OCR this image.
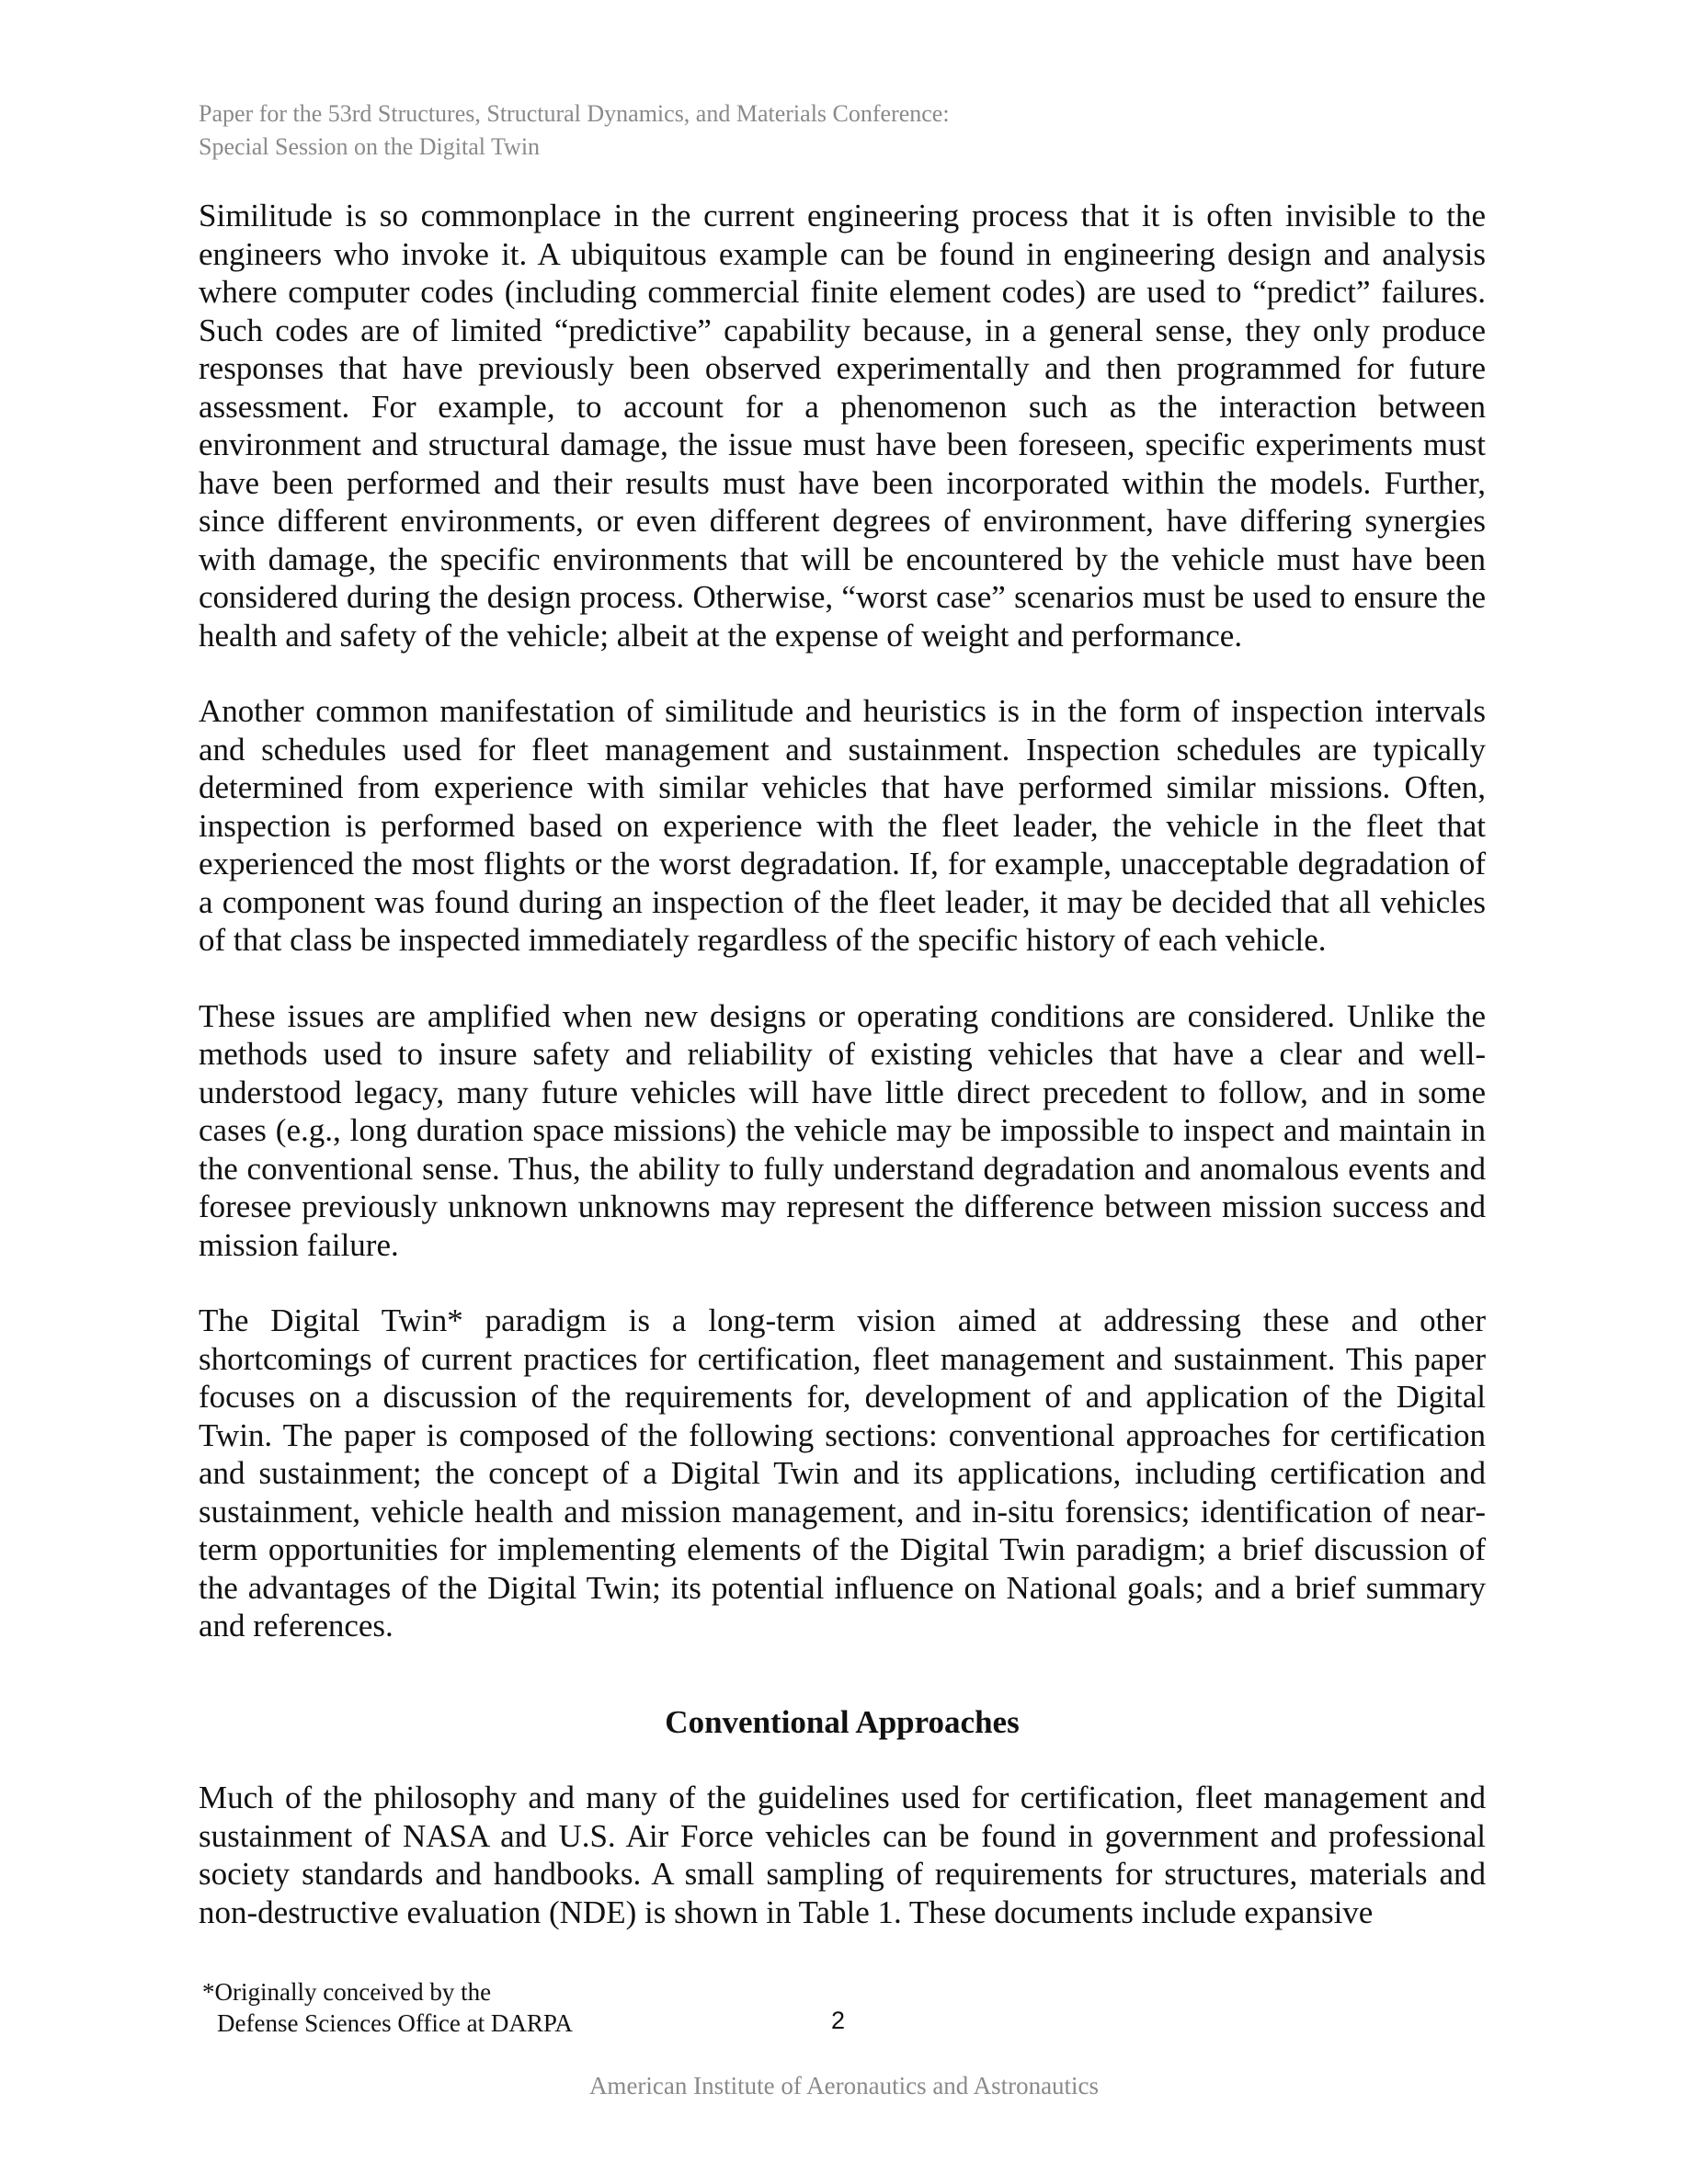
Paper for the 53rd Structures, Structural Dynamics, and Materials Conference:
Special Session on the Digital Twin

Similitude is so commonplace in the current engineering process that it is often invisible to the engineers who invoke it. A ubiquitous example can be found in engineering design and analysis where computer codes (including commercial finite element codes) are used to “predict” failures. Such codes are of limited “predictive” capability because, in a general sense, they only produce responses that have previously been observed experimentally and then programmed for future assessment. For example, to account for a phenomenon such as the interaction between environment and structural damage, the issue must have been foreseen, specific experiments must have been performed and their results must have been incorporated within the models. Further, since different environments, or even different degrees of environment, have differing synergies with damage, the specific environments that will be encountered by the vehicle must have been considered during the design process. Otherwise, “worst case” scenarios must be used to ensure the health and safety of the vehicle; albeit at the expense of weight and performance.

Another common manifestation of similitude and heuristics is in the form of inspection intervals and schedules used for fleet management and sustainment. Inspection schedules are typically determined from experience with similar vehicles that have performed similar missions. Often, inspection is performed based on experience with the fleet leader, the vehicle in the fleet that experienced the most flights or the worst degradation. If, for example, unacceptable degradation of a component was found during an inspection of the fleet leader, it may be decided that all vehicles of that class be inspected immediately regardless of the specific history of each vehicle.

These issues are amplified when new designs or operating conditions are considered. Unlike the methods used to insure safety and reliability of existing vehicles that have a clear and well-understood legacy, many future vehicles will have little direct precedent to follow, and in some cases (e.g., long duration space missions) the vehicle may be impossible to inspect and maintain in the conventional sense. Thus, the ability to fully understand degradation and anomalous events and foresee previously unknown unknowns may represent the difference between mission success and mission failure.

The Digital Twin* paradigm is a long-term vision aimed at addressing these and other shortcomings of current practices for certification, fleet management and sustainment. This paper focuses on a discussion of the requirements for, development of and application of the Digital Twin. The paper is composed of the following sections: conventional approaches for certification and sustainment; the concept of a Digital Twin and its applications, including certification and sustainment, vehicle health and mission management, and in-situ forensics; identification of near-term opportunities for implementing elements of the Digital Twin paradigm; a brief discussion of the advantages of the Digital Twin; its potential influence on National goals; and a brief summary and references.

Conventional Approaches

Much of the philosophy and many of the guidelines used for certification, fleet management and sustainment of NASA and U.S. Air Force vehicles can be found in government and professional society standards and handbooks. A small sampling of requirements for structures, materials and non-destructive evaluation (NDE) is shown in Table 1. These documents include expansive

*Originally conceived by the
Defense Sciences Office at DARPA	2
American Institute of Aeronautics and Astronautics
